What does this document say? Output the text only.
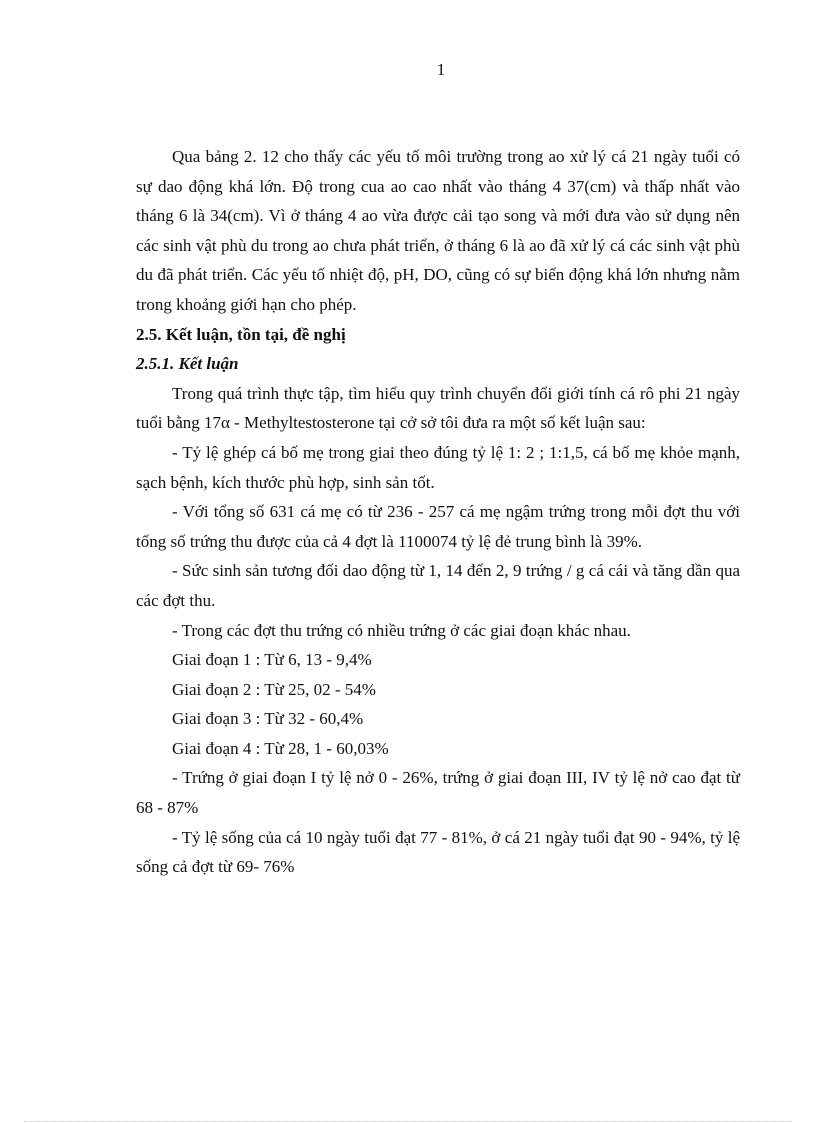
1

Qua bảng 2. 12 cho thấy các yếu tố môi trường trong ao xử lý cá 21 ngày tuổi có sự dao động khá lớn. Độ trong cua ao cao nhất vào tháng 4 37(cm) và thấp nhất vào tháng 6 là 34(cm). Vì ở tháng 4 ao vừa được cải tạo song và mới đưa vào sử dụng nên các sinh vật phù du trong ao chưa phát triển, ở tháng 6 là ao đã xử lý cá các sinh vật phù du đã phát triển. Các yếu tố nhiệt độ, pH, DO, cũng có sự biến động khá lớn nhưng nằm trong khoảng giới hạn cho phép.

2.5. Kết luận, tồn tại, đề nghị

2.5.1. Kết luận

Trong quá trình thực tập, tìm hiểu quy trình chuyển đổi giới tính cá rô phi 21 ngày tuổi bằng 17α - Methyltestosterone tại cở sở tôi đưa ra một số kết luận sau:

- Tỷ lệ ghép cá bố mẹ trong giai theo đúng tỷ lệ 1: 2 ; 1:1,5, cá bố mẹ khỏe mạnh, sạch bệnh, kích thước phù hợp, sinh sản tốt.

- Với tổng số 631 cá mẹ có từ 236 - 257 cá mẹ ngậm trứng trong mỗi đợt thu với tổng số trứng thu được của cả 4 đợt là 1100074 tỷ lệ đẻ trung bình là 39%.

- Sức sinh sản tương đối dao động từ 1, 14 đến 2, 9 trứng / g cá cái và tăng dần qua các đợt thu.

- Trong các đợt thu trứng có nhiều trứng ở các giai đoạn khác nhau.

Giai đoạn 1 : Từ 6, 13 - 9,4%

Giai đoạn 2 : Từ 25, 02 - 54%

Giai đoạn 3 : Từ 32 - 60,4%

Giai đoạn 4 : Từ 28, 1 - 60,03%

- Trứng ở giai đoạn I tỷ lệ nở 0 - 26%, trứng ở giai đoạn III, IV tỷ lệ nở cao đạt từ 68 - 87%

- Tỷ lệ sống của cá 10 ngày tuổi đạt 77 - 81%, ở cá 21 ngày tuổi đạt 90 - 94%, tỷ lệ sống cả đợt từ 69- 76%
